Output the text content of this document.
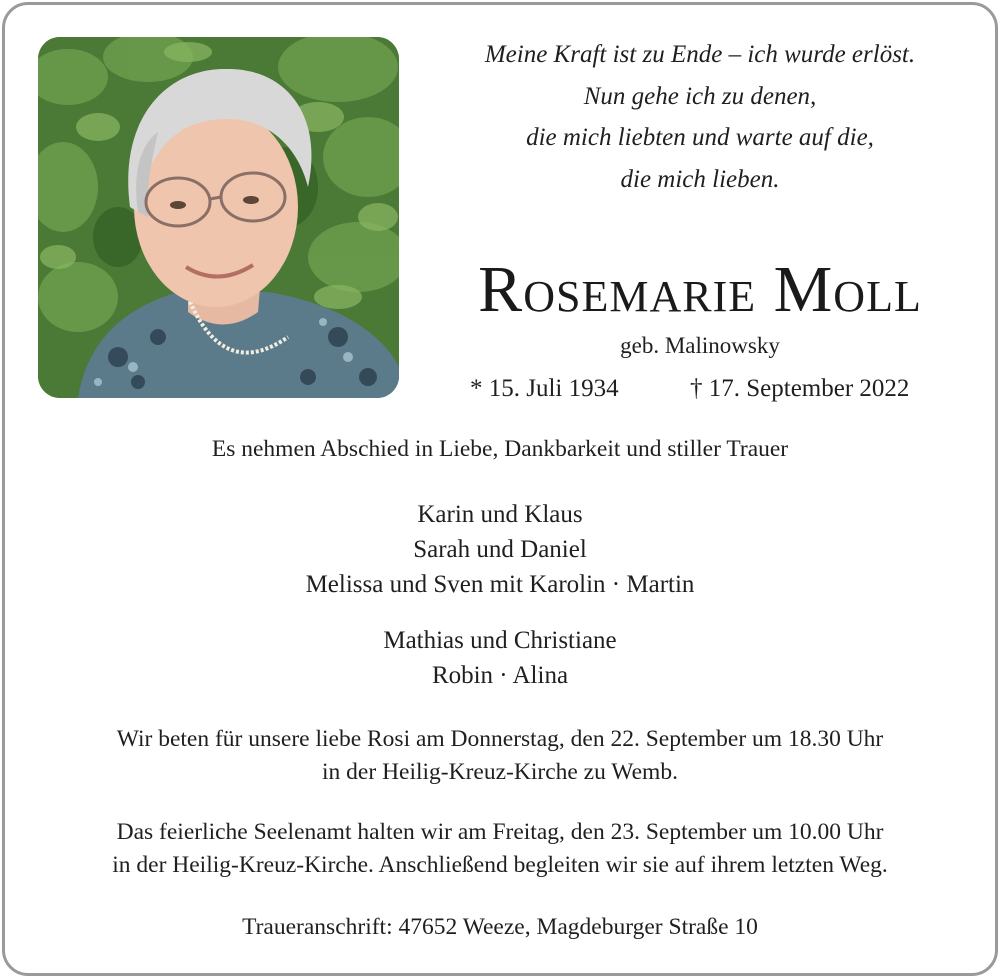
Meine Kraft ist zu Ende – ich wurde erlöst.
Nun gehe ich zu denen,
die mich liebten und warte auf die,
die mich lieben.
ROSEMARIE MOLL
geb. Malinowsky
* 15. Juli 1934	† 17. September 2022
Es nehmen Abschied in Liebe, Dankbarkeit und stiller Trauer
Karin und Klaus
Sarah und Daniel
Melissa und Sven mit Karolin · Martin
Mathias und Christiane
Robin · Alina
Wir beten für unsere liebe Rosi am Donnerstag, den 22. September um 18.30 Uhr
in der Heilig-Kreuz-Kirche zu Wemb.
Das feierliche Seelenamt halten wir am Freitag, den 23. September um 10.00 Uhr
in der Heilig-Kreuz-Kirche. Anschließend begleiten wir sie auf ihrem letzten Weg.
Traueranschrift: 47652 Weeze, Magdeburger Straße 10
